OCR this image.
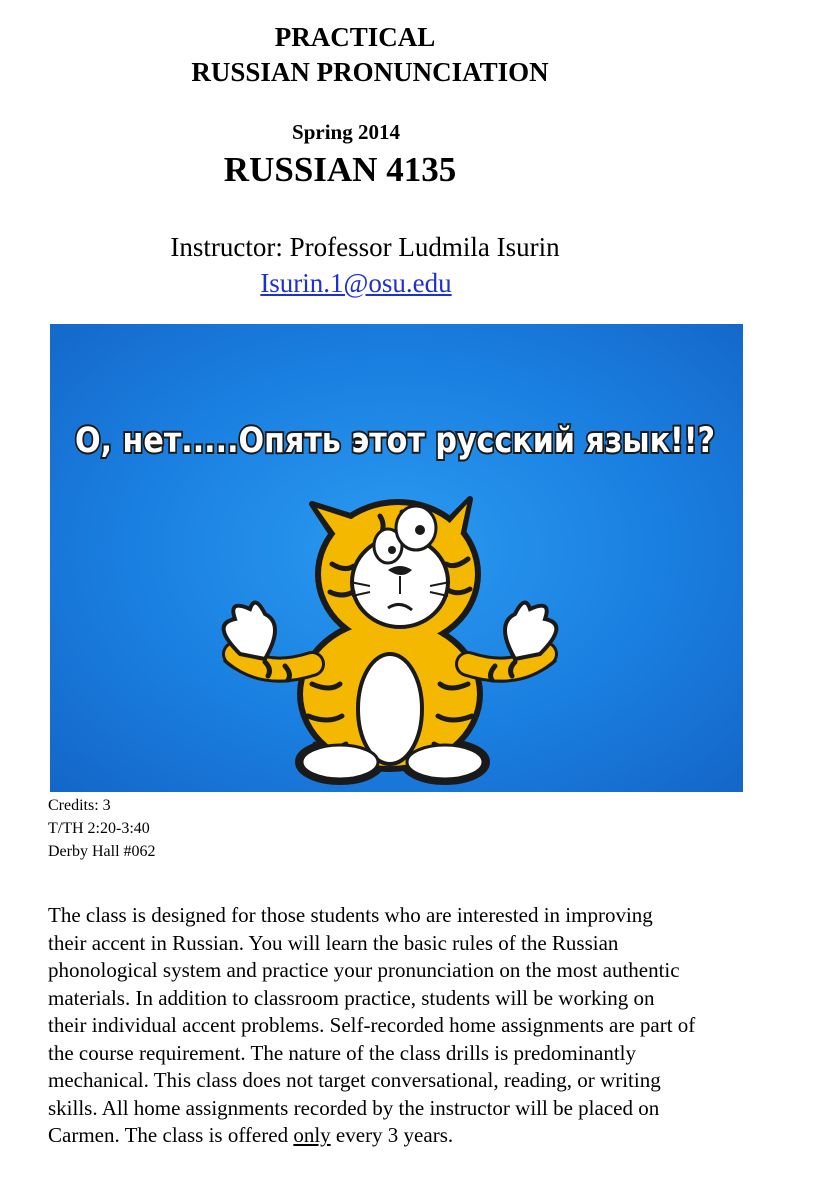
PRACTICAL
RUSSIAN PRONUNCIATION
Spring 2014
RUSSIAN 4135
Instructor: Professor Ludmila Isurin
Isurin.1@osu.edu
О, нет.....Опять этот русский язык!!?
Credits: 3
T/TH 2:20-3:40
Derby Hall #062
The class is designed for those students who are interested in improving
their accent in Russian. You will learn the basic rules of the Russian
phonological system and practice your pronunciation on the most authentic
materials. In addition to classroom practice, students will be working on
their individual accent problems. Self-recorded home assignments are part of
the course requirement. The nature of the class drills is predominantly
mechanical. This class does not target conversational, reading, or writing
skills. All home assignments recorded by the instructor will be placed on
Carmen. The class is offered only every 3 years.
